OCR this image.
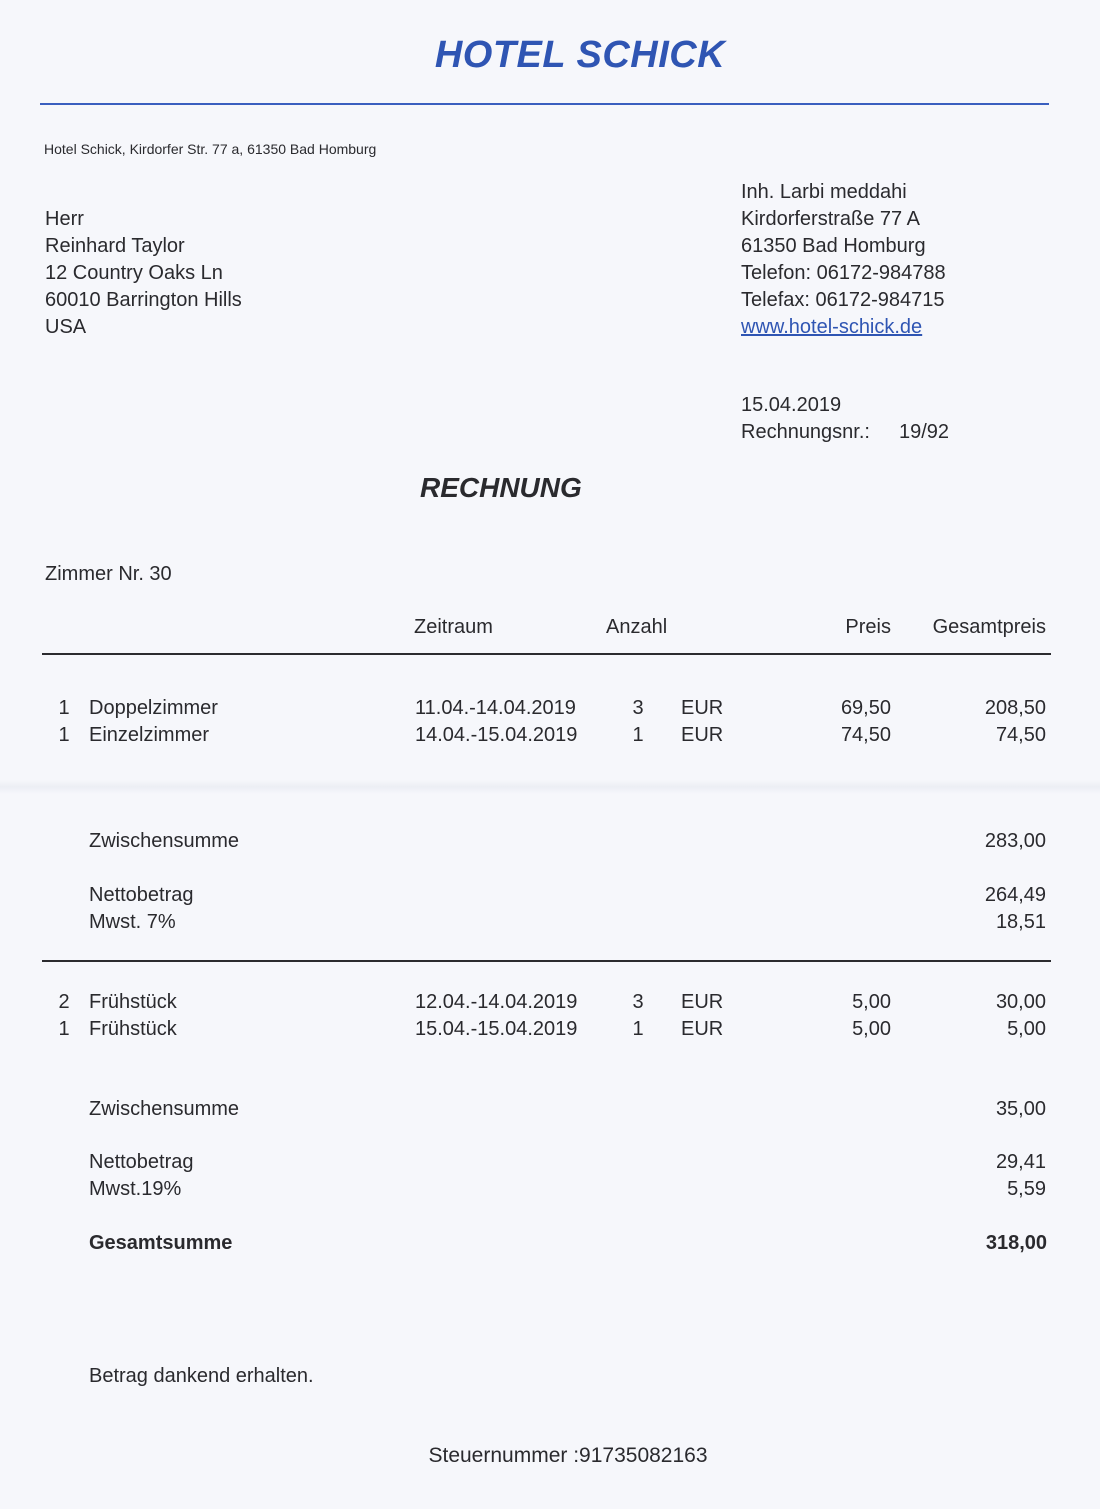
HOTEL SCHICK
Hotel Schick, Kirdorfer Str. 77 a, 61350 Bad Homburg
Herr
Reinhard Taylor
12 Country Oaks Ln
60010 Barrington Hills
USA
Inh. Larbi meddahi
Kirdorferstraße 77 A
61350 Bad Homburg
Telefon: 06172-984788
Telefax: 06172-984715
www.hotel-schick.de
15.04.2019
Rechnungsnr.: 19/92
RECHNUNG
Zimmer Nr. 30
Zeitraum	Anzahl	Preis	Gesamtpreis
1 Doppelzimmer	11.04.-14.04.2019	3	EUR	69,50	208,50
1 Einzelzimmer	14.04.-15.04.2019	1	EUR	74,50	74,50
Zwischensumme	283,00
Nettobetrag	264,49
Mwst. 7%	18,51
2 Frühstück	12.04.-14.04.2019	3	EUR	5,00	30,00
1 Frühstück	15.04.-15.04.2019	1	EUR	5,00	5,00
Zwischensumme	35,00
Nettobetrag	29,41
Mwst.19%	5,59
Gesamtsumme	318,00
Betrag dankend erhalten.
Steuernummer :91735082163
